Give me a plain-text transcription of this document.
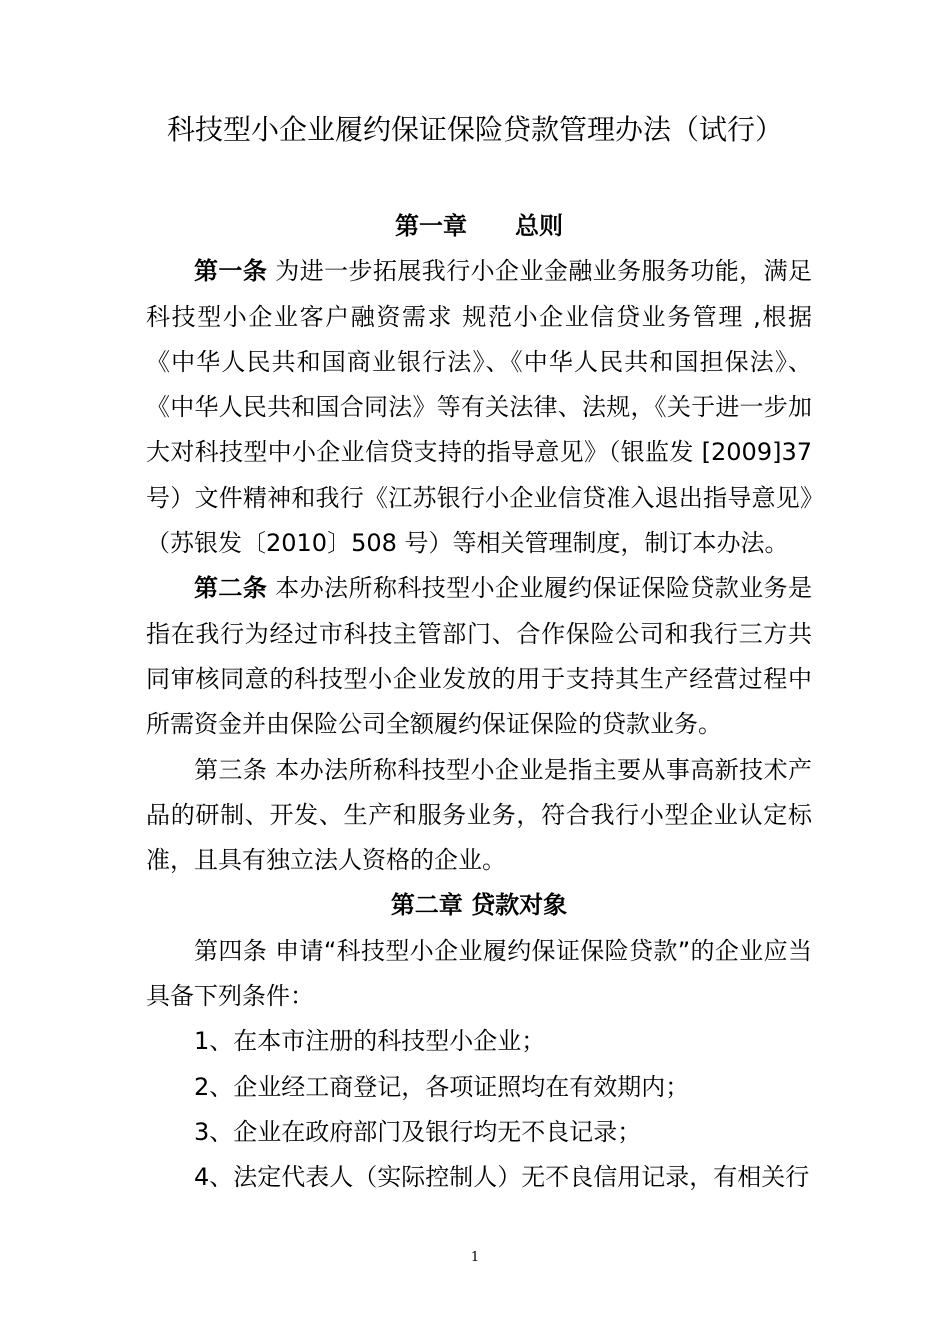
科技型小企业履约保证保险贷款管理办法（试行）

第一章　　 总则

第一条 为进一步拓展我行小企业金融业务服务功能，满足科技型小企业客户融资需求 规范小企业信贷业务管理 ,根据《中华人民共和国商业银行法》、《中华人民共和国担保法》、《中华人民共和国合同法》等有关法律、法规，《关于进一步加大对科技型中小企业信贷支持的指导意见》（银监发 [2009]37 号）文件精神和我行《江苏银行小企业信贷准入退出指导意见》（苏银发〔2010〕508 号）等相关管理制度，制订本办法。

第二条 本办法所称科技型小企业履约保证保险贷款业务是指在我行为经过市科技主管部门、合作保险公司和我行三方共同审核同意的科技型小企业发放的用于支持其生产经营过程中所需资金并由保险公司全额履约保证保险的贷款业务。

第三条 本办法所称科技型小企业是指主要从事高新技术产品的研制、开发、生产和服务业务，符合我行小型企业认定标准，且具有独立法人资格的企业。

第二章 贷款对象

第四条 申请“科技型小企业履约保证保险贷款”的企业应当具备下列条件：

1、在本市注册的科技型小企业；

2、企业经工商登记，各项证照均在有效期内；

3、企业在政府部门及银行均无不良记录；

4、法定代表人（实际控制人）无不良信用记录，有相关行

1
